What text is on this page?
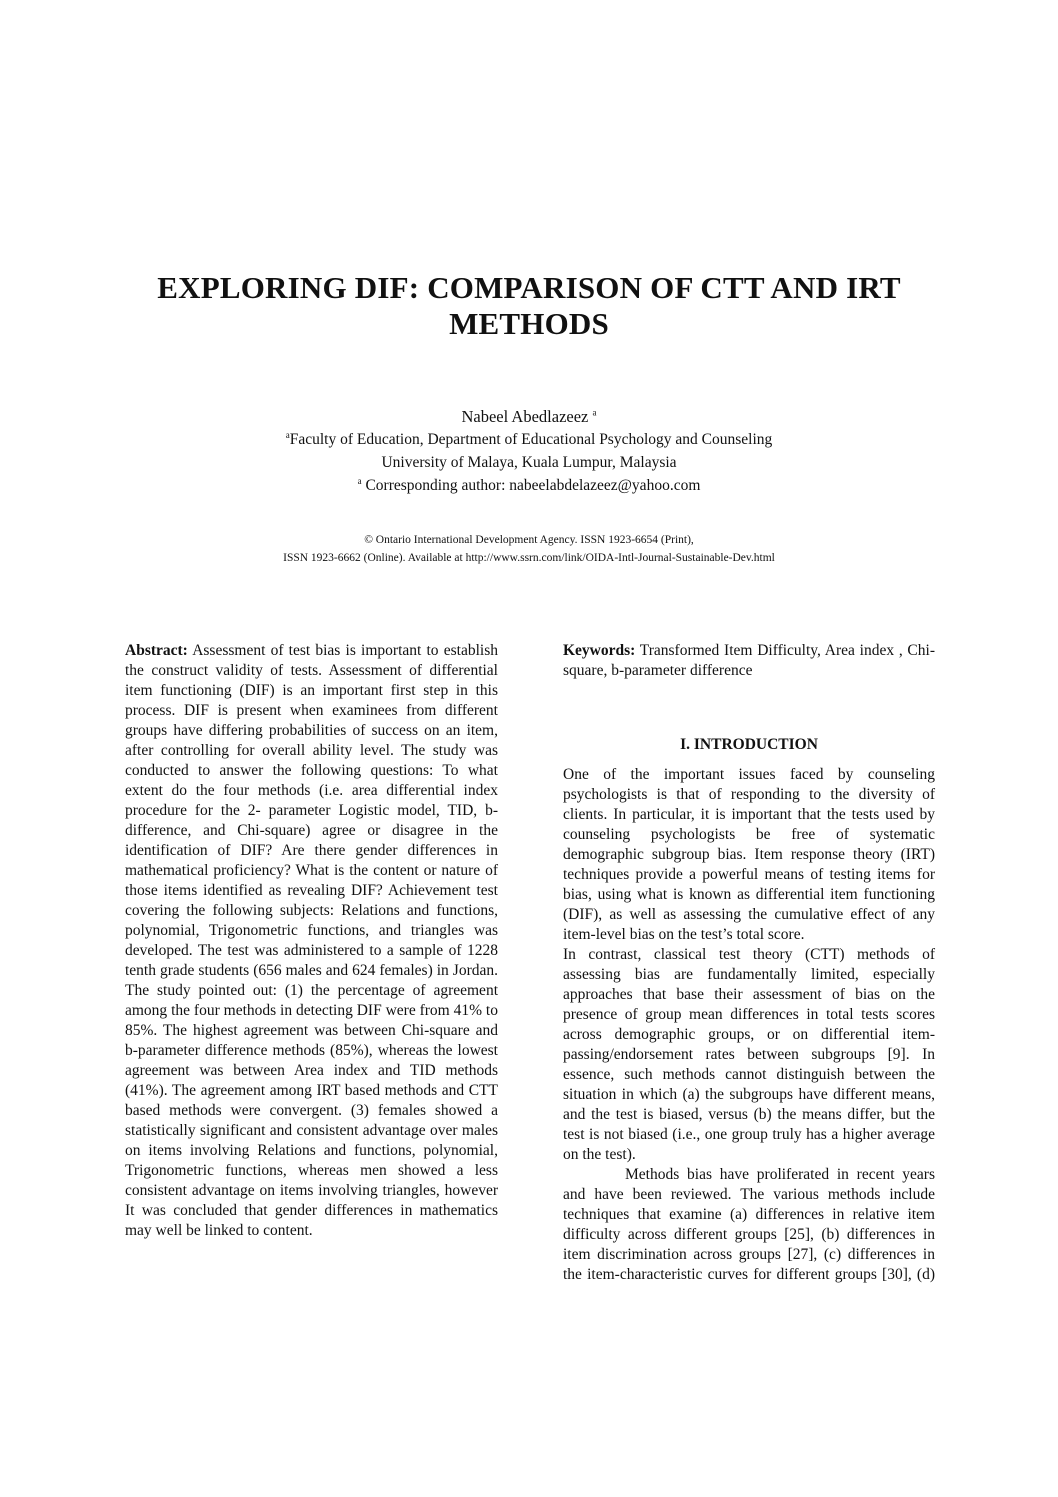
EXPLORING DIF: COMPARISON OF CTT AND IRT
METHODS
Nabeel Abedlazeez $^a$
$^a$Faculty of Education, Department of Educational Psychology and Counseling
University of Malaya, Kuala Lumpur, Malaysia
$^a$ Corresponding author: nabeelabdelazeez@yahoo.com
© Ontario International Development Agency. ISSN 1923-6654 (Print),
ISSN 1923-6662 (Online). Available at http://www.ssrn.com/link/OIDA-Intl-Journal-Sustainable-Dev.html

Abstract: Assessment of test bias is important to establish the construct validity of tests. Assessment of differential item functioning (DIF) is an important first step in this process. DIF is present when examinees from different groups have differing probabilities of success on an item, after controlling for overall ability level. The study was conducted to answer the following questions: To what extent do the four methods (i.e. area differential index procedure for the 2- parameter Logistic model, TID, b-difference, and Chi-square) agree or disagree in the identification of DIF? Are there gender differences in mathematical proficiency? What is the content or nature of those items identified as revealing DIF? Achievement test covering the following subjects: Relations and functions, polynomial, Trigonometric functions, and triangles was developed. The test was administered to a sample of 1228 tenth grade students (656 males and 624 females) in Jordan. The study pointed out: (1) the percentage of agreement among the four methods in detecting DIF were from 41% to 85%. The highest agreement was between Chi-square and b-parameter difference methods (85%), whereas the lowest agreement was between Area index and TID methods (41%). The agreement among IRT based methods and CTT based methods were convergent. (3) females showed a statistically significant and consistent advantage over males on items involving Relations and functions, polynomial, Trigonometric functions, whereas men showed a less consistent advantage on items involving triangles, however It was concluded that gender differences in mathematics may well be linked to content.

Keywords: Transformed Item Difficulty, Area index , Chi-square, b-parameter difference

I. INTRODUCTION

One of the important issues faced by counseling psychologists is that of responding to the diversity of clients. In particular, it is important that the tests used by counseling psychologists be free of systematic demographic subgroup bias. Item response theory (IRT) techniques provide a powerful means of testing items for bias, using what is known as differential item functioning (DIF), as well as assessing the cumulative effect of any item-level bias on the test’s total score.

In contrast, classical test theory (CTT) methods of assessing bias are fundamentally limited, especially approaches that base their assessment of bias on the presence of group mean differences in total tests scores across demographic groups, or on differential item-passing/endorsement rates between subgroups [9]. In essence, such methods cannot distinguish between the situation in which (a) the subgroups have different means, and the test is biased, versus (b) the means differ, but the test is not biased (i.e., one group truly has a higher average on the test).

Methods bias have proliferated in recent years and have been reviewed. The various methods include techniques that examine (a) differences in relative item difficulty across different groups [25], (b) differences in item discrimination across groups [27], (c) differences in the item-characteristic curves for different groups [30], (d)
